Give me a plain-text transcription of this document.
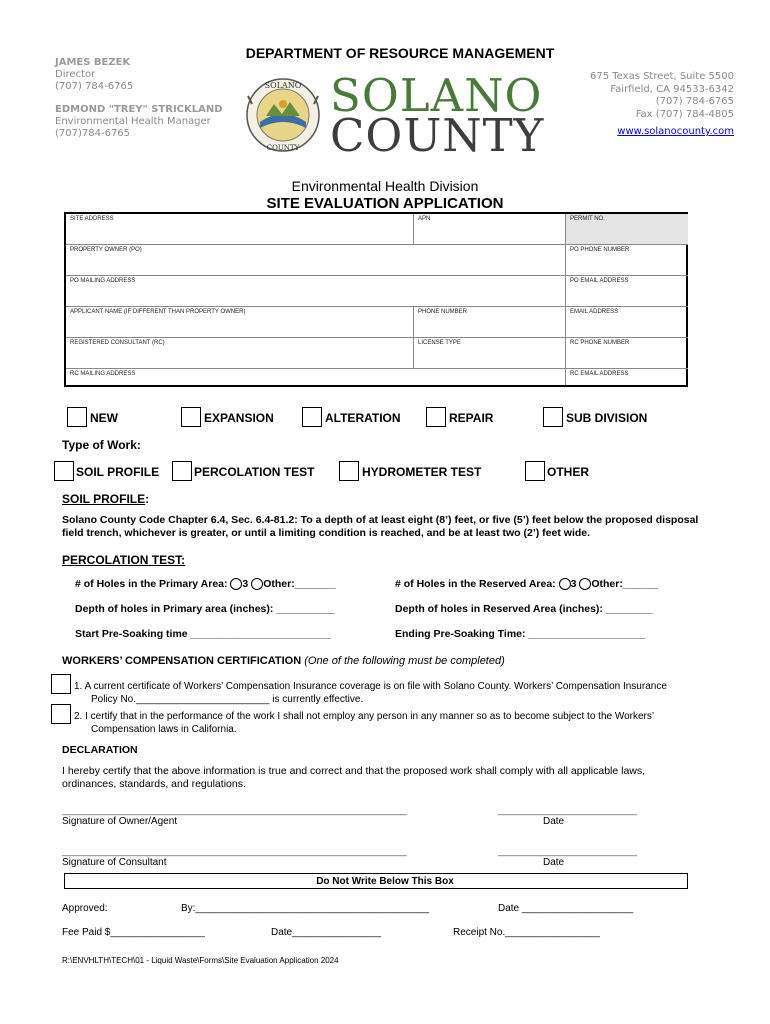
JAMES BEZEK
Director
(707) 784-6765
EDMOND "TREY" STRICKLAND
Environmental Health Manager
(707)784-6765
DEPARTMENT OF RESOURCE MANAGEMENT
SOLANO
COUNTY
SOLANO
COUNTY
675 Texas Street, Suite 5500
Fairfield, CA 94533-6342
(707) 784-6765
Fax (707) 784-4805
www.solanocounty.com
Environmental Health Division
SITE EVALUATION APPLICATION
SITE ADDRESS	APN	PERMIT NO.
PROPERTY OWNER (PO)	PO PHONE NUMBER
PO MAILING ADDRESS	PO EMAIL ADDRESS
APPLICANT NAME (IF DIFFERENT THAN PROPERTY OWNER)	PHONE NUMBER	EMAIL ADDRESS
REGISTERED CONSULTANT (RC)	LICENSE TYPE	RC PHONE NUMBER
RC MAILING ADDRESS	RC EMAIL ADDRESS
NEW	EXPANSION	ALTERATION	REPAIR	SUB DIVISION
Type of Work:
SOIL PROFILE	PERCOLATION TEST	HYDROMETER TEST	OTHER
SOIL PROFILE:
Solano County Code Chapter 6.4, Sec. 6.4-81.2: To a depth of at least eight (8’) feet, or five (5’) feet below the proposed disposal field trench, whichever is greater, or until a limiting condition is reached, and be at least two (2’) feet wide.
PERCOLATION TEST:
# of Holes in the Primary Area: 3 Other:_______	# of Holes in the Reserved Area: 3 Other:______
Depth of holes in Primary area (inches): __________	Depth of holes in Reserved Area (inches): ________
Start Pre-Soaking time ________________________	Ending Pre-Soaking Time: ____________________
WORKERS’ COMPENSATION CERTIFICATION (One of the following must be completed)
1. A current certificate of Workers’ Compensation Insurance coverage is on file with Solano County. Workers’ Compensation Insurance
Policy No.________________________ is currently effective.
2. I certify that in the performance of the work I shall not employ any person in any manner so as to become subject to the Workers’
Compensation laws in California.
DECLARATION
I hereby certify that the above information is true and correct and that the proposed work shall comply with all applicable laws, ordinances, standards, and regulations.
______________________________________________________________
Signature of Owner/Agent
_________________________
Date
______________________________________________________________
Signature of Consultant
_________________________
Date
Do Not Write Below This Box
Approved:	By:__________________________________________	Date ____________________
Fee Paid $_________________	Date________________	Receipt No._________________
R:\ENVHLTH\TECH\01 - Liquid Waste\Forms\Site Evaluation Application 2024
